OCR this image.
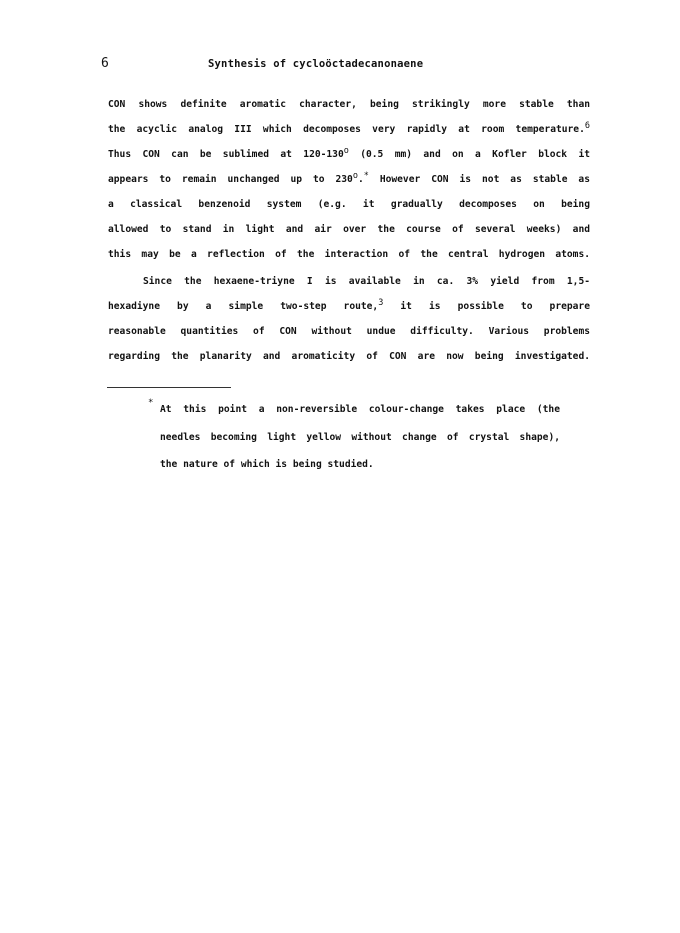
6	Synthesis of cycloöctadecanonaene
CON shows definite aromatic character, being strikingly more stable than
the acyclic analog III which decomposes very rapidly at room temperature.$^6$
Thus CON can be sublimed at 120-130$^o$ (0.5 mm) and on a Kofler block it
appears to remain unchanged up to 230$^o$.* However CON is not as stable as
a classical benzenoid system (e.g. it gradually decomposes on being
allowed to stand in light and air over the course of several weeks) and
this may be a reflection of the interaction of the central hydrogen atoms.
Since the hexaene-triyne I is available in ca. 3% yield from 1,5-
hexadiyne by a simple two-step route,$^3$ it is possible to prepare
reasonable quantities of CON without undue difficulty. Various problems
regarding the planarity and aromaticity of CON are now being investigated.
*
At this point a non-reversible colour-change takes place (the
needles becoming light yellow without change of crystal shape),
the nature of which is being studied.
